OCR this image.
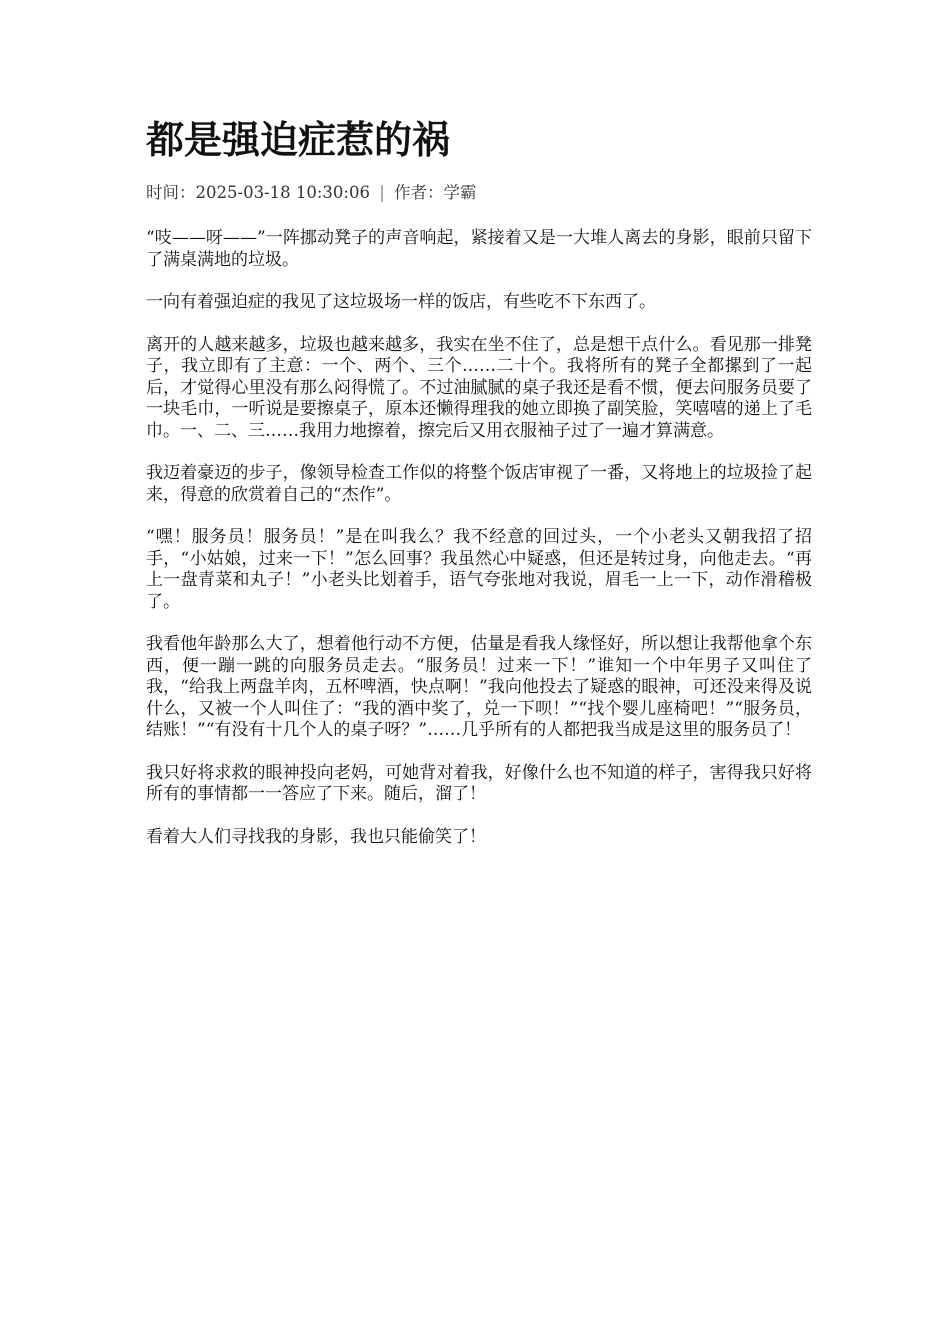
都是强迫症惹的祸
时间：2025-03-18 10:30:06 | 作者：学霸

“吱——呀——”一阵挪动凳子的声音响起，紧接着又是一大堆人离去的身影，眼前只留下了满桌满地的垃圾。

一向有着强迫症的我见了这垃圾场一样的饭店，有些吃不下东西了。

离开的人越来越多，垃圾也越来越多，我实在坐不住了，总是想干点什么。看见那一排凳子，我立即有了主意：一个、两个、三个……二十个。我将所有的凳子全都摞到了一起后，才觉得心里没有那么闷得慌了。不过油腻腻的桌子我还是看不惯，便去问服务员要了一块毛巾，一听说是要擦桌子，原本还懒得理我的她立即换了副笑脸，笑嘻嘻的递上了毛巾。一、二、三……我用力地擦着，擦完后又用衣服袖子过了一遍才算满意。

我迈着豪迈的步子，像领导检查工作似的将整个饭店审视了一番，又将地上的垃圾捡了起来，得意的欣赏着自己的“杰作”。

“嘿！服务员！服务员！”是在叫我么？我不经意的回过头，一个小老头又朝我招了招手，“小姑娘，过来一下！”怎么回事？我虽然心中疑惑，但还是转过身，向他走去。“再上一盘青菜和丸子！”小老头比划着手，语气夸张地对我说，眉毛一上一下，动作滑稽极了。

我看他年龄那么大了，想着他行动不方便，估量是看我人缘怪好，所以想让我帮他拿个东西，便一蹦一跳的向服务员走去。“服务员！过来一下！”谁知一个中年男子又叫住了我，“给我上两盘羊肉，五杯啤酒，快点啊！”我向他投去了疑惑的眼神，可还没来得及说什么，又被一个人叫住了：“我的酒中奖了，兑一下呗！”“找个婴儿座椅吧！”“服务员，结账！”“有没有十几个人的桌子呀？”……几乎所有的人都把我当成是这里的服务员了！

我只好将求救的眼神投向老妈，可她背对着我，好像什么也不知道的样子，害得我只好将所有的事情都一一答应了下来。随后，溜了！

看着大人们寻找我的身影，我也只能偷笑了！
